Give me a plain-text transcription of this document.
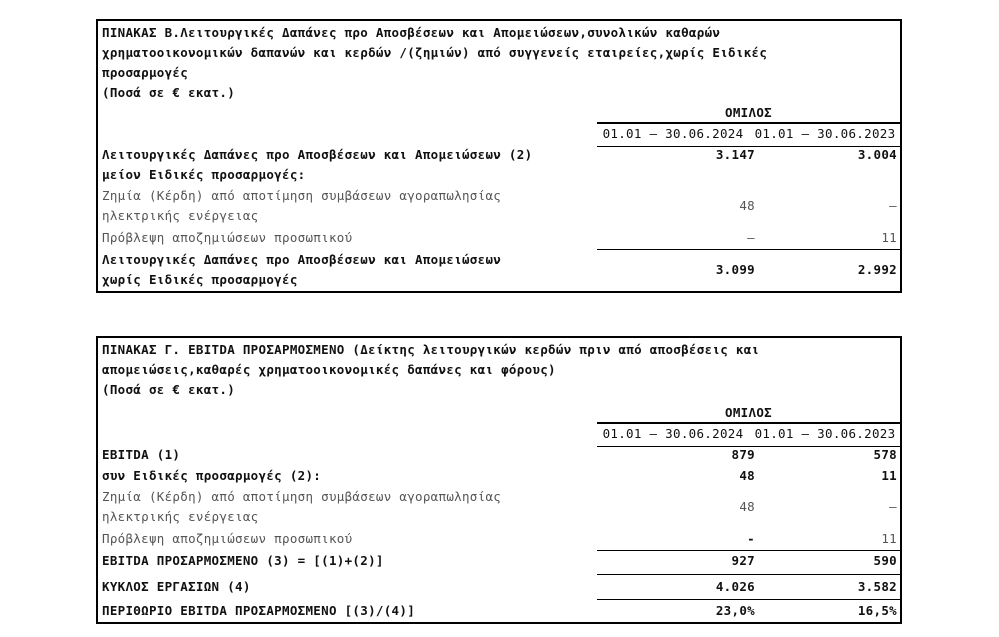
ΠΙΝΑΚΑΣ Β.Λειτουργικές Δαπάνες προ Αποσβέσεων και Απομειώσεων,συνολικών καθαρών
χρηματοοικονομικών δαπανών και κερδών /(ζημιών) από συγγενείς εταιρείες,χωρίς Ειδικές
προσαρμογές
(Ποσά σε € εκατ.)
ΟΜΙΛΟΣ
01.01 – 30.06.2024 01.01 – 30.06.2023
Λειτουργικές Δαπάνες προ Αποσβέσεων και Απομειώσεων (2)	3.147	3.004
μείον Ειδικές προσαρμογές:
Ζημία (Κέρδη) από αποτίμηση συμβάσεων αγοραπωλησίας
ηλεκτρικής ενέργειας
48	–
Πρόβλεψη αποζημιώσεων προσωπικού	–	11
Λειτουργικές Δαπάνες προ Αποσβέσεων και Απομειώσεων
χωρίς Ειδικές προσαρμογές
3.099	2.992
ΠΙΝΑΚΑΣ Γ. EBITDA ΠΡΟΣΑΡΜΟΣΜΕΝΟ (Δείκτης λειτουργικών κερδών πριν από αποσβέσεις και
απομειώσεις,καθαρές χρηματοοικονομικές δαπάνες και φόρους)
(Ποσά σε € εκατ.)
ΟΜΙΛΟΣ
01.01 – 30.06.2024 01.01 – 30.06.2023
EBITDA (1)	879	578
συν Ειδικές προσαρμογές (2):	48	11
Ζημία (Κέρδη) από αποτίμηση συμβάσεων αγοραπωλησίας
ηλεκτρικής ενέργειας
48	–
Πρόβλεψη αποζημιώσεων προσωπικού	-	11
EBITDA ΠΡΟΣΑΡΜΟΣΜΕΝΟ (3) = [(1)+(2)]	927	590
ΚΥΚΛΟΣ ΕΡΓΑΣΙΩΝ (4)	4.026	3.582
ΠΕΡΙΘΩΡΙΟ EBITDA ΠΡΟΣΑΡΜΟΣΜΕΝΟ [(3)/(4)]	23,0%	16,5%
